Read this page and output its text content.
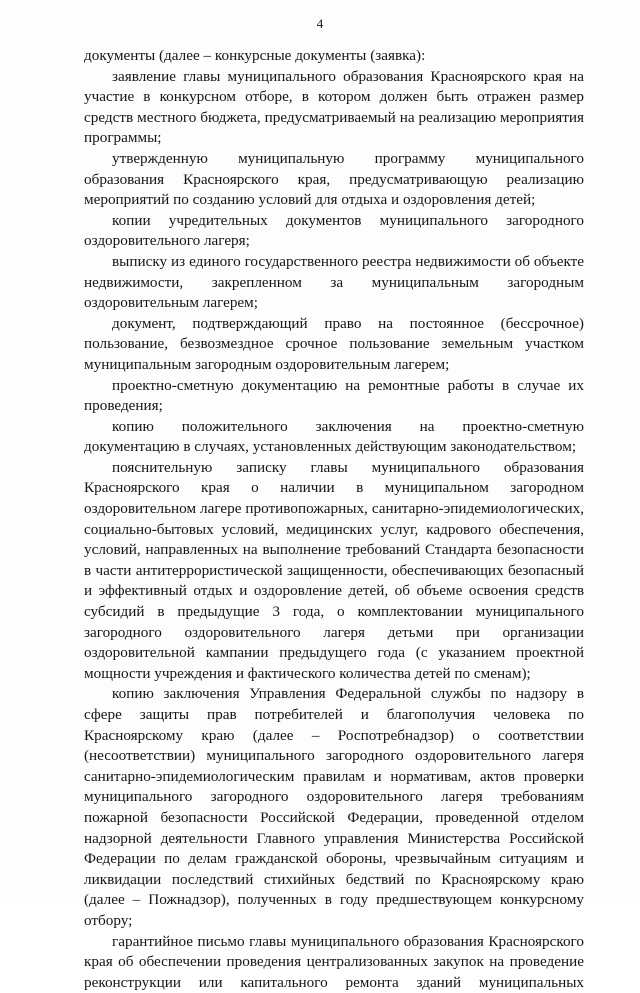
4

документы (далее – конкурсные документы (заявка):

заявление главы муниципального образования Красноярского края на участие в конкурсном отборе, в котором должен быть отражен размер средств местного бюджета, предусматриваемый на реализацию мероприятия программы;

утвержденную муниципальную программу муниципального образования Красноярского края, предусматривающую реализацию мероприятий по созданию условий для отдыха и оздоровления детей;

копии учредительных документов муниципального загородного оздоровительного лагеря;

выписку из единого государственного реестра недвижимости об объекте недвижимости, закрепленном за муниципальным загородным оздоровительным лагерем;

документ, подтверждающий право на постоянное (бессрочное) пользование, безвозмездное срочное пользование земельным участком муниципальным загородным оздоровительным лагерем;

проектно-сметную документацию на ремонтные работы в случае их проведения;

копию положительного заключения на проектно-сметную документацию в случаях, установленных действующим законодательством;

пояснительную записку главы муниципального образования Красноярского края о наличии в муниципальном загородном оздоровительном лагере противопожарных, санитарно-эпидемиологических, социально-бытовых условий, медицинских услуг, кадрового обеспечения, условий, направленных на выполнение требований Стандарта безопасности в части антитеррористической защищенности, обеспечивающих безопасный и эффективный отдых и оздоровление детей, об объеме освоения средств субсидий в предыдущие 3 года, о комплектовании муниципального загородного оздоровительного лагеря детьми при организации оздоровительной кампании предыдущего года (с указанием проектной мощности учреждения и фактического количества детей по сменам);

копию заключения Управления Федеральной службы по надзору в сфере защиты прав потребителей и благополучия человека по Красноярскому краю (далее – Роспотребнадзор) о соответствии (несоответствии) муниципального загородного оздоровительного лагеря санитарно-эпидемиологическим правилам и нормативам, актов проверки муниципального загородного оздоровительного лагеря требованиям пожарной безопасности Российской Федерации, проведенной отделом надзорной деятельности Главного управления Министерства Российской Федерации по делам гражданской обороны, чрезвычайным ситуациям и ликвидации последствий стихийных бедствий по Красноярскому краю (далее – Пожнадзор), полученных в году предшествующем конкурсному отбору;

гарантийное письмо главы муниципального образования Красноярского края об обеспечении проведения централизованных закупок на проведение реконструкции или капитального ремонта зданий муниципальных
